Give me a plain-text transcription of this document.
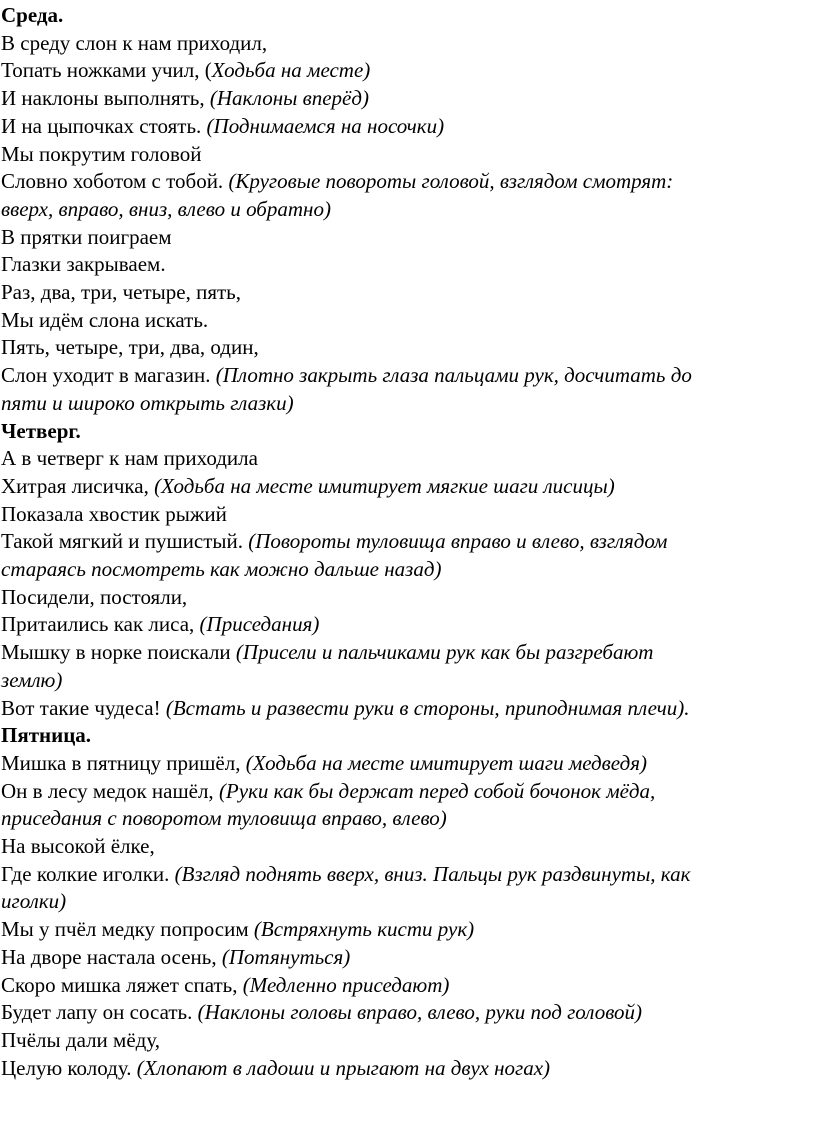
Среда.
В среду слон к нам приходил,
Топать ножками учил, (Ходьба на месте)
И наклоны выполнять, (Наклоны вперёд)
И на цыпочках стоять. (Поднимаемся на носочки)
Мы покрутим головой
Словно хоботом с тобой. (Круговые повороты головой, взглядом смотрят:
вверх, вправо, вниз, влево и обратно)
В прятки поиграем
Глазки закрываем.
Раз, два, три, четыре, пять,
Мы идём слона искать.
Пять, четыре, три, два, один,
Слон уходит в магазин. (Плотно закрыть глаза пальцами рук, досчитать до
пяти и широко открыть глазки)
Четверг.
А в четверг к нам приходила
Хитрая лисичка, (Ходьба на месте имитирует мягкие шаги лисицы)
Показала хвостик рыжий
Такой мягкий и пушистый. (Повороты туловища вправо и влево, взглядом
стараясь посмотреть как можно дальше назад)
Посидели, постояли,
Притаились как лиса, (Приседания)
Мышку в норке поискали (Присели и пальчиками рук как бы разгребают
землю)
Вот такие чудеса! (Встать и развести руки в стороны, приподнимая плечи).
Пятница.
Мишка в пятницу пришёл, (Ходьба на месте имитирует шаги медведя)
Он в лесу медок нашёл, (Руки как бы держат перед собой бочонок мёда,
приседания с поворотом туловища вправо, влево)
На высокой ёлке,
Где колкие иголки. (Взгляд поднять вверх, вниз. Пальцы рук раздвинуты, как
иголки)
Мы у пчёл медку попросим (Встряхнуть кисти рук)
На дворе настала осень, (Потянуться)
Скоро мишка ляжет спать, (Медленно приседают)
Будет лапу он сосать. (Наклоны головы вправо, влево, руки под головой)
Пчёлы дали мёду,
Целую колоду. (Хлопают в ладоши и прыгают на двух ногах)
